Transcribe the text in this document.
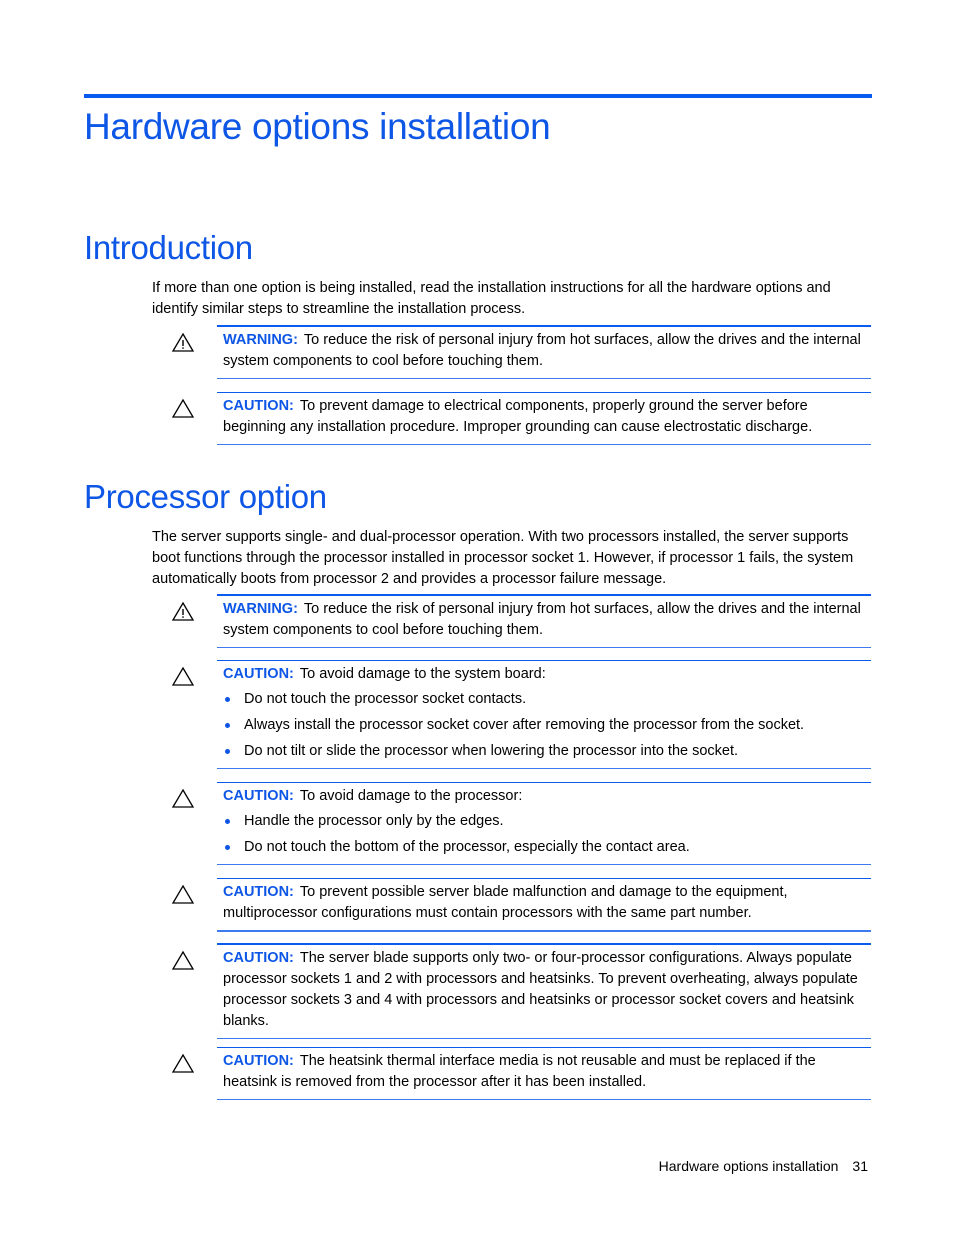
Hardware options installation
Introduction

If more than one option is being installed, read the installation instructions for all the hardware options and identify similar steps to streamline the installation process.

WARNING: To reduce the risk of personal injury from hot surfaces, allow the drives and the internal system components to cool before touching them.
CAUTION: To prevent damage to electrical components, properly ground the server before beginning any installation procedure. Improper grounding can cause electrostatic discharge.
Processor option

The server supports single- and dual-processor operation. With two processors installed, the server supports boot functions through the processor installed in processor socket 1. However, if processor 1 fails, the system automatically boots from processor 2 and provides a processor failure message.

WARNING: To reduce the risk of personal injury from hot surfaces, allow the drives and the internal system components to cool before touching them.
CAUTION: To avoid damage to the system board:
Do not touch the processor socket contacts.
Always install the processor socket cover after removing the processor from the socket.
Do not tilt or slide the processor when lowering the processor into the socket.
CAUTION: To avoid damage to the processor:
Handle the processor only by the edges.
Do not touch the bottom of the processor, especially the contact area.
CAUTION: To prevent possible server blade malfunction and damage to the equipment, multiprocessor configurations must contain processors with the same part number.
CAUTION: The server blade supports only two- or four-processor configurations. Always populate processor sockets 1 and 2 with processors and heatsinks. To prevent overheating, always populate processor sockets 3 and 4 with processors and heatsinks or processor socket covers and heatsink blanks.
CAUTION: The heatsink thermal interface media is not reusable and must be replaced if the heatsink is removed from the processor after it has been installed.
Hardware options installation 31
